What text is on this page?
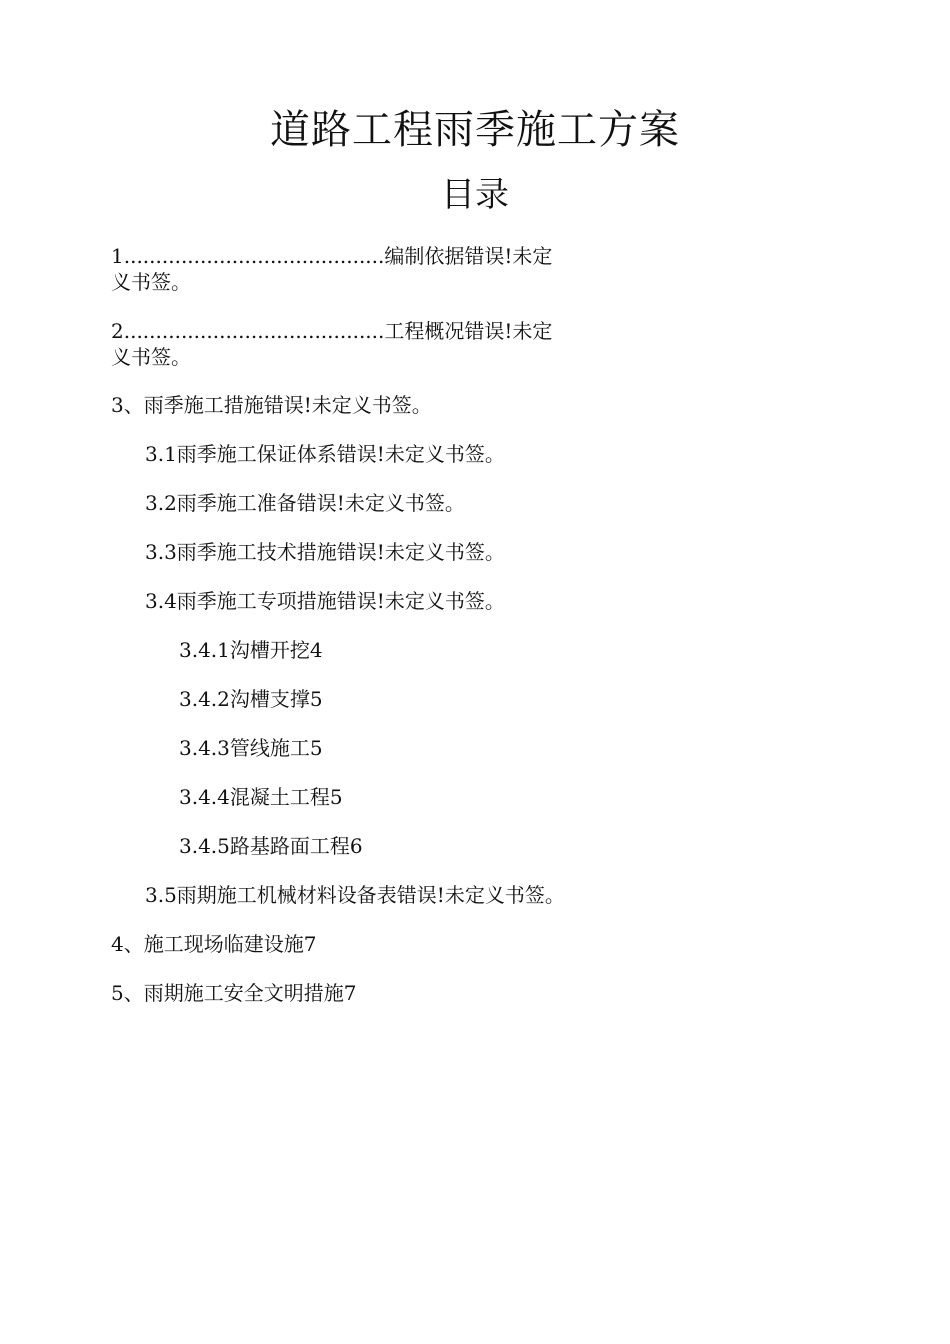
道路工程雨季施工方案
目录
1.........................................编制依据错误!未定
义书签。
2.........................................工程概况错误!未定
义书签。
3、雨季施工措施错误!未定义书签。
3.1雨季施工保证体系错误!未定义书签。
3.2雨季施工准备错误!未定义书签。
3.3雨季施工技术措施错误!未定义书签。
3.4雨季施工专项措施错误!未定义书签。
3.4.1沟槽开挖4
3.4.2沟槽支撑5
3.4.3管线施工5
3.4.4混凝土工程5
3.4.5路基路面工程6
3.5雨期施工机械材料设备表错误!未定义书签。
4、施工现场临建设施7
5、雨期施工安全文明措施7
